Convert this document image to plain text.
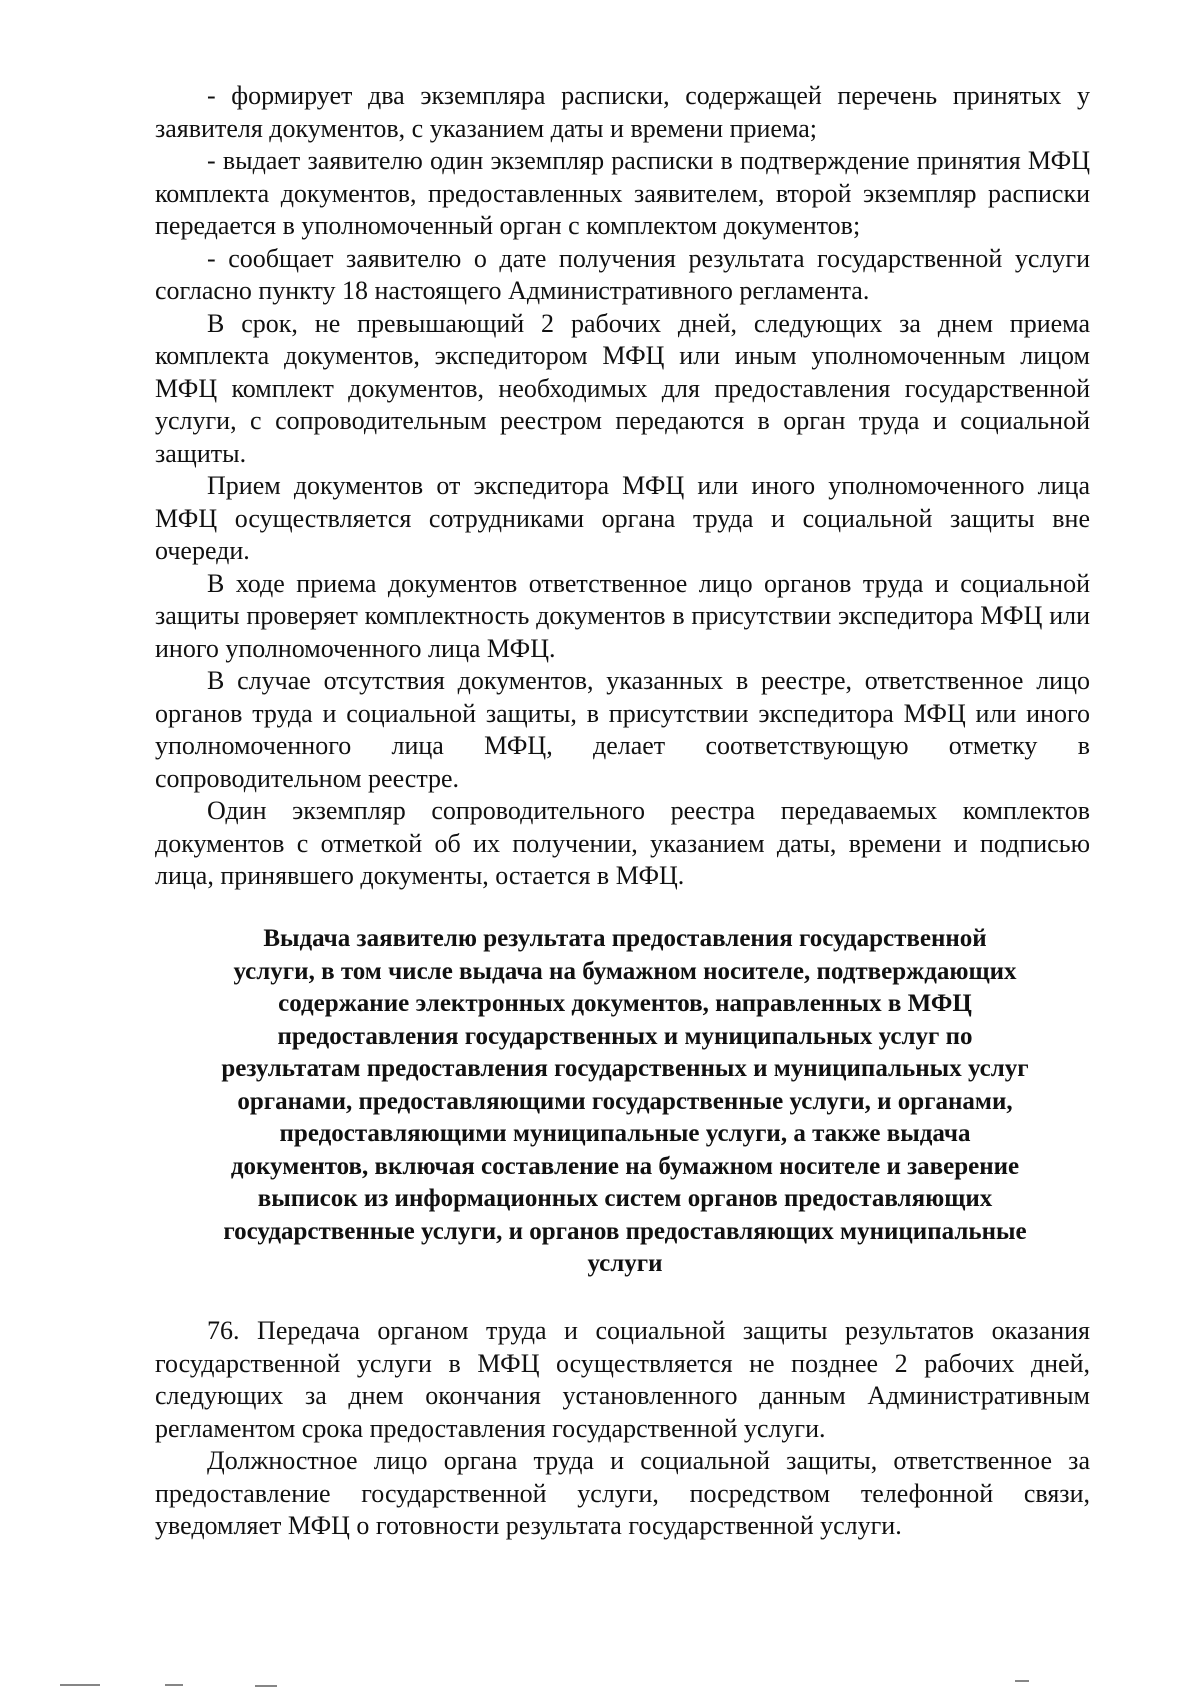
- формирует два экземпляра расписки, содержащей перечень принятых у заявителя документов, с указанием даты и времени приема;

- выдает заявителю один экземпляр расписки в подтверждение принятия МФЦ комплекта документов, предоставленных заявителем, второй экземпляр расписки передается в уполномоченный орган с комплектом документов;

- сообщает заявителю о дате получения результата государственной услуги согласно пункту 18 настоящего Административного регламента.

В срок, не превышающий 2 рабочих дней, следующих за днем приема комплекта документов, экспедитором МФЦ или иным уполномоченным лицом МФЦ комплект документов, необходимых для предоставления государственной услуги, с сопроводительным реестром передаются в орган труда и социальной защиты.

Прием документов от экспедитора МФЦ или иного уполномоченного лица МФЦ осуществляется сотрудниками органа труда и социальной защиты вне очереди.

В ходе приема документов ответственное лицо органов труда и социальной защиты проверяет комплектность документов в присутствии экспедитора МФЦ или иного уполномоченного лица МФЦ.

В случае отсутствия документов, указанных в реестре, ответственное лицо органов труда и социальной защиты, в присутствии экспедитора МФЦ или иного уполномоченного лица МФЦ, делает соответствующую отметку в сопроводительном реестре.

Один экземпляр сопроводительного реестра передаваемых комплектов документов с отметкой об их получении, указанием даты, времени и подписью лица, принявшего документы, остается в МФЦ.

Выдача заявителю результата предоставления государственной
услуги, в том числе выдача на бумажном носителе, подтверждающих
содержание электронных документов, направленных в МФЦ
предоставления государственных и муниципальных услуг по
результатам предоставления государственных и муниципальных услуг
органами, предоставляющими государственные услуги, и органами,
предоставляющими муниципальные услуги, а также выдача
документов, включая составление на бумажном носителе и заверение
выписок из информационных систем органов предоставляющих
государственные услуги, и органов предоставляющих муниципальные
услуги

76. Передача органом труда и социальной защиты результатов оказания государственной услуги в МФЦ осуществляется не позднее 2 рабочих дней, следующих за днем окончания установленного данным Административным регламентом срока предоставления государственной услуги.

Должностное лицо органа труда и социальной защиты, ответственное за предоставление государственной услуги, посредством телефонной связи, уведомляет МФЦ о готовности результата государственной услуги.
